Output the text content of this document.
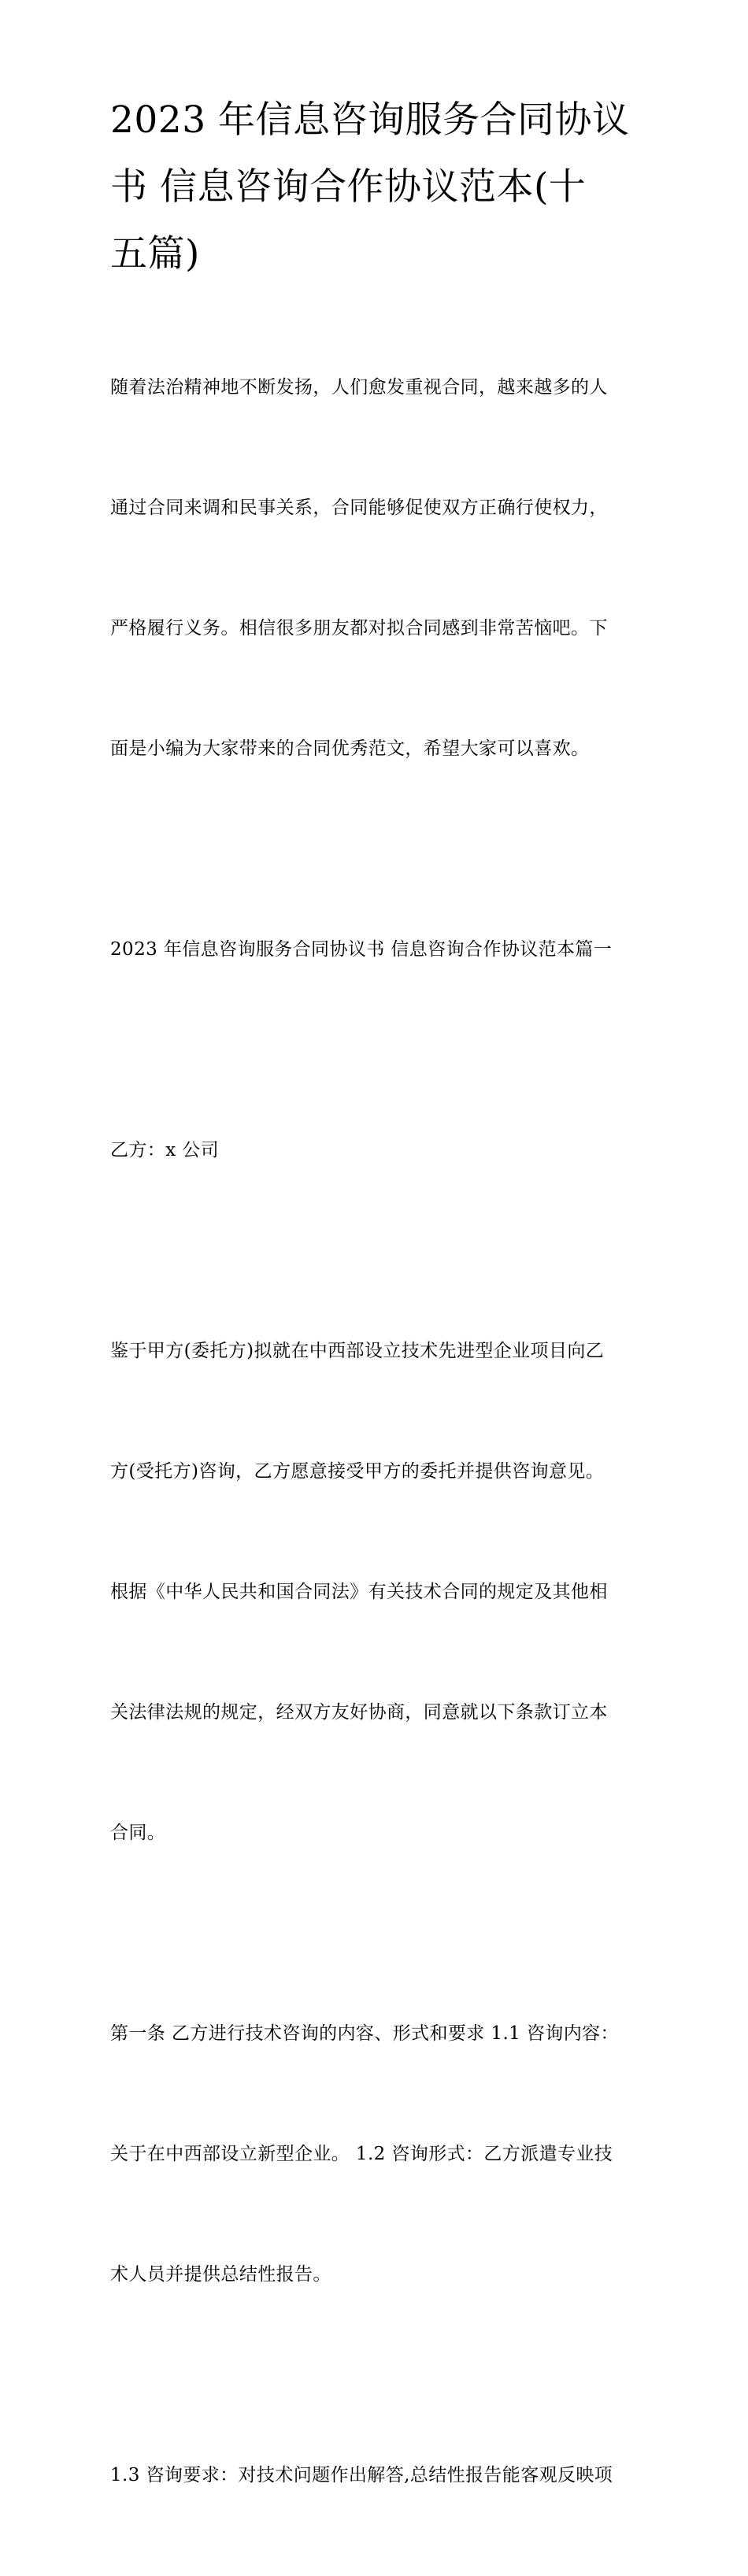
2023 年信息咨询服务合同协议
书 信息咨询合作协议范本(十
五篇)

随着法治精神地不断发扬，人们愈发重视合同，越来越多的人

通过合同来调和民事关系，合同能够促使双方正确行使权力，

严格履行义务。相信很多朋友都对拟合同感到非常苦恼吧。下

面是小编为大家带来的合同优秀范文，希望大家可以喜欢。

2023 年信息咨询服务合同协议书 信息咨询合作协议范本篇一

乙方：x 公司

鉴于甲方(委托方)拟就在中西部设立技术先进型企业项目向乙

方(受托方)咨询，乙方愿意接受甲方的委托并提供咨询意见。

根据《中华人民共和国合同法》有关技术合同的规定及其他相

关法律法规的规定，经双方友好协商，同意就以下条款订立本

合同。

第一条 乙方进行技术咨询的内容、形式和要求 1.1 咨询内容：

关于在中西部设立新型企业。 1.2 咨询形式：乙方派遣专业技

术人员并提供总结性报告。

1.3 咨询要求：对技术问题作出解答,总结性报告能客观反映项
